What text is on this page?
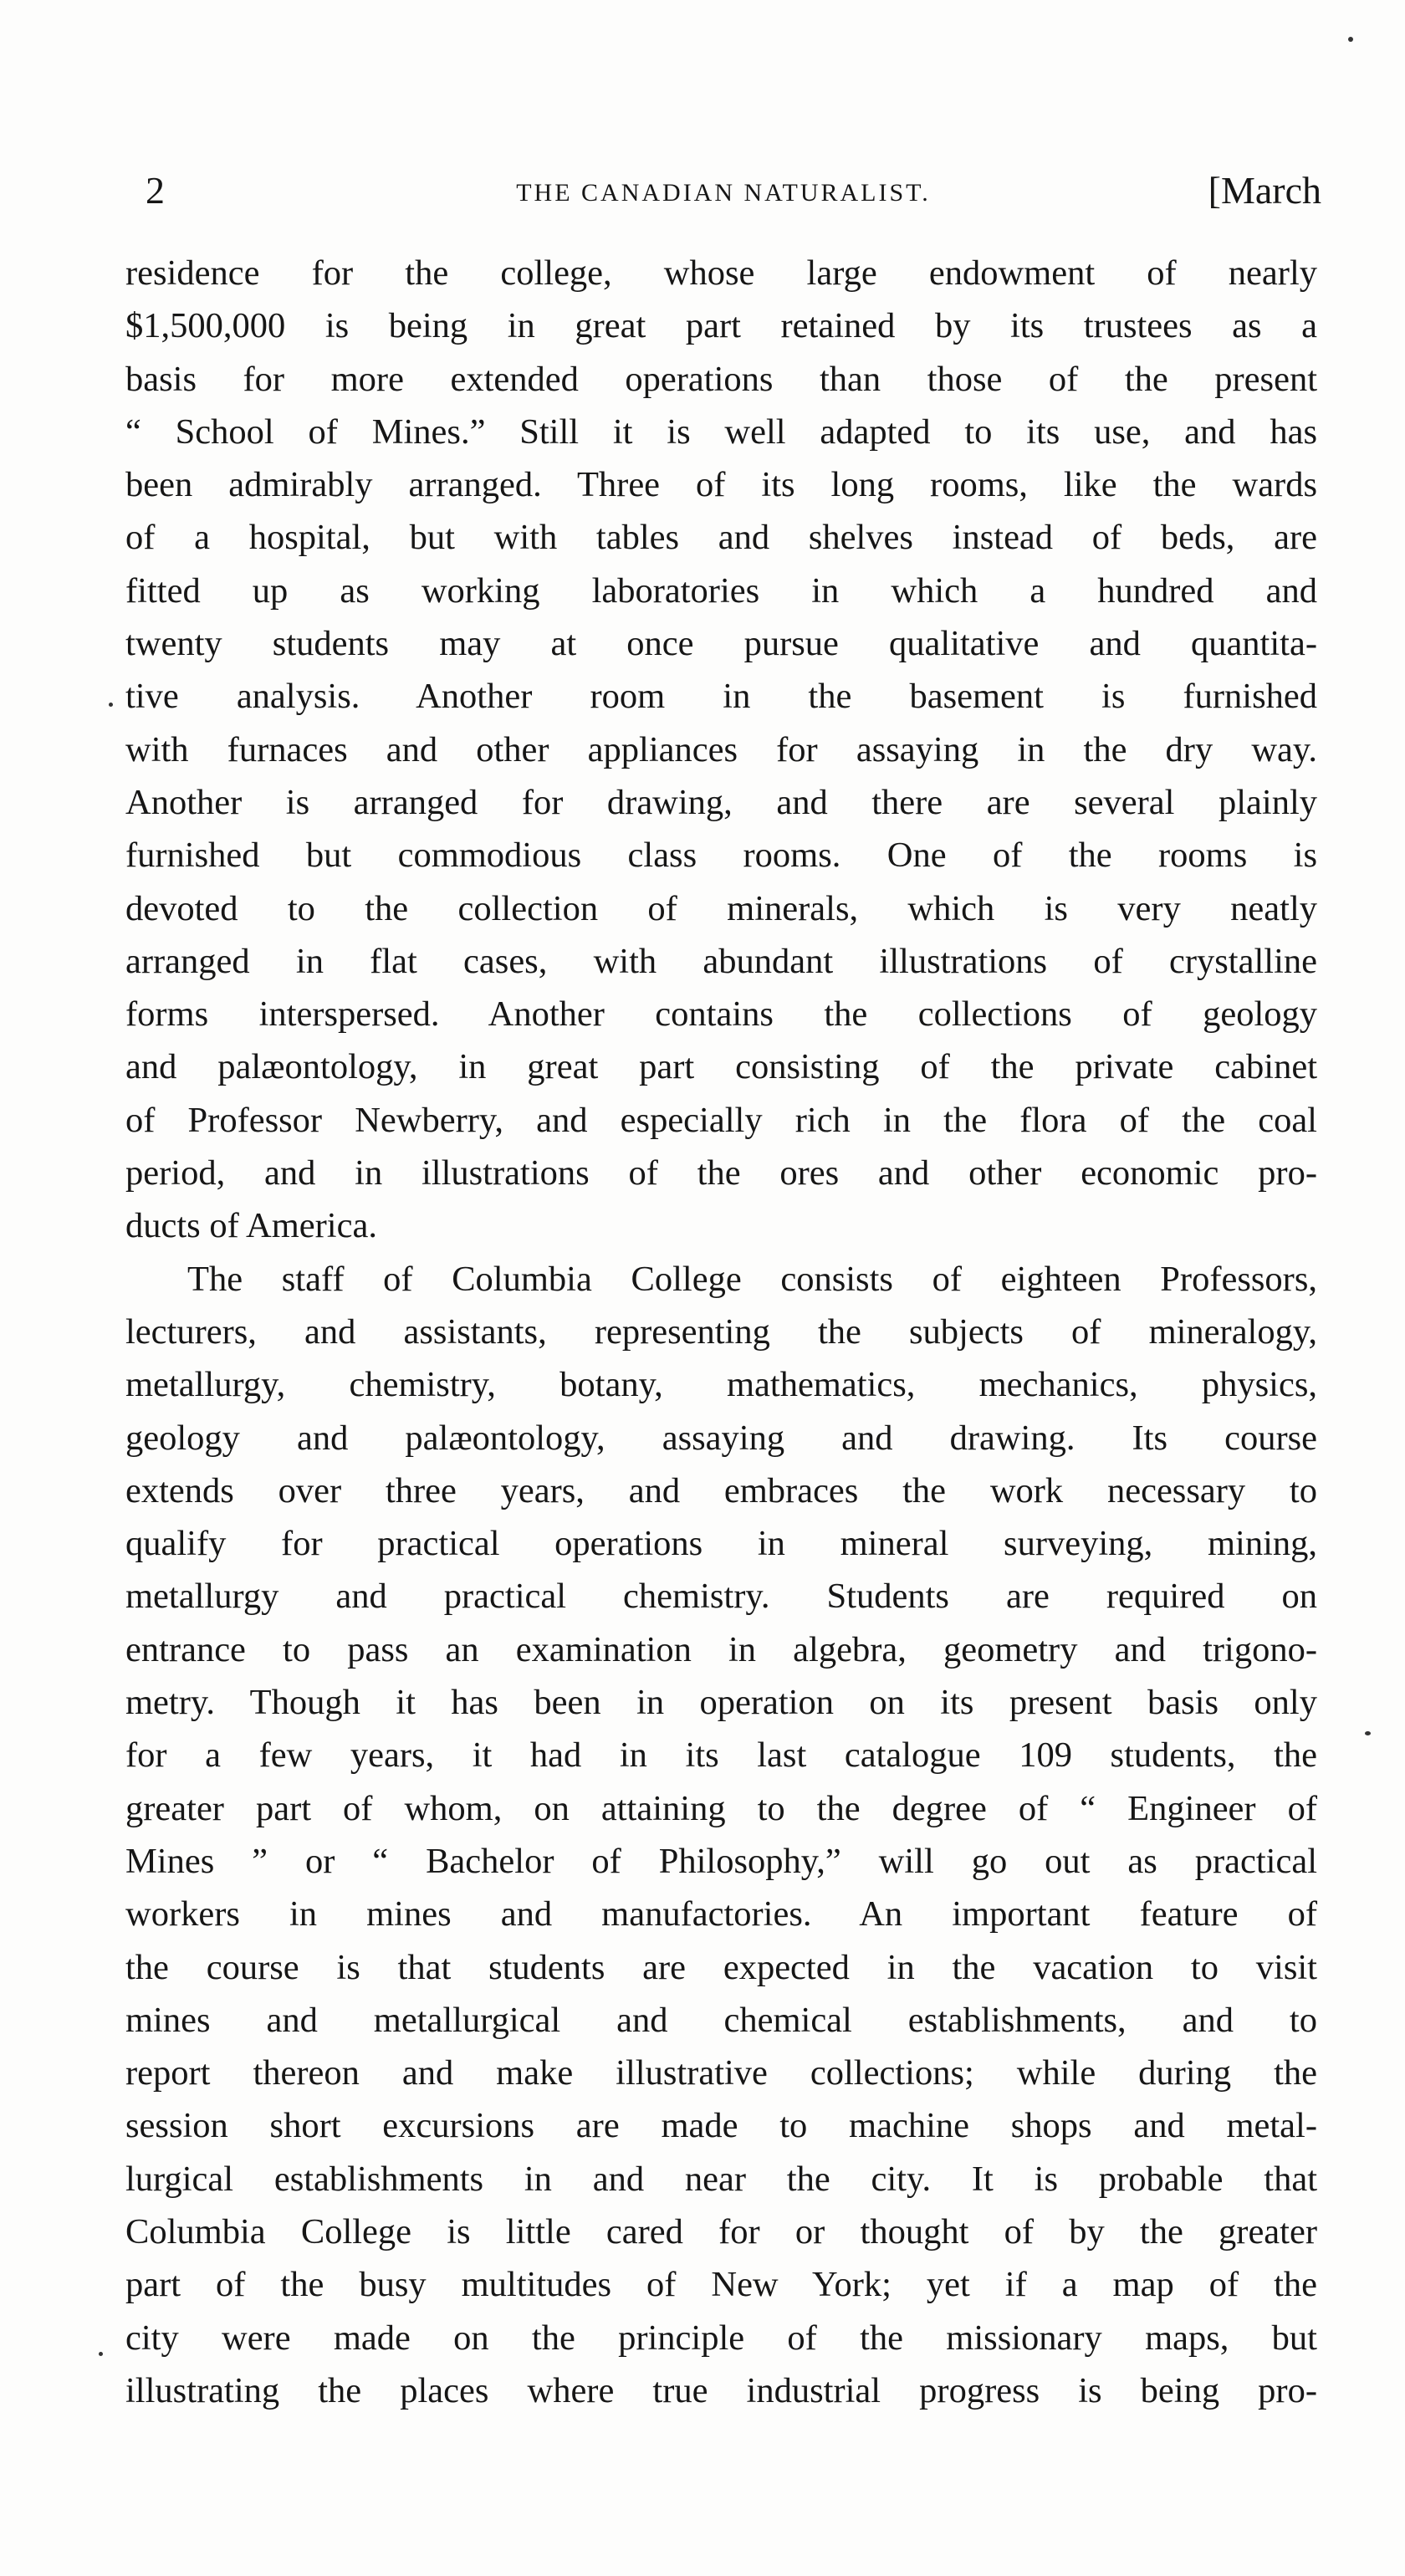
2	THE CANADIAN NATURALIST.	[March
residence for the college, whose large endowment of nearly
$1,500,000 is being in great part retained by its trustees as a
basis for more extended operations than those of the present
“ School of Mines.” Still it is well adapted to its use, and has
been admirably arranged. Three of its long rooms, like the wards
of a hospital, but with tables and shelves instead of beds, are
fitted up as working laboratories in which a hundred and
twenty students may at once pursue qualitative and quantita-
tive analysis. Another room in the basement is furnished
with furnaces and other appliances for assaying in the dry way.
Another is arranged for drawing, and there are several plainly
furnished but commodious class rooms. One of the rooms is
devoted to the collection of minerals, which is very neatly
arranged in flat cases, with abundant illustrations of crystalline
forms interspersed. Another contains the collections of geology
and palæontology, in great part consisting of the private cabinet
of Professor Newberry, and especially rich in the flora of the coal
period, and in illustrations of the ores and other economic pro-
ducts of America.
The staff of Columbia College consists of eighteen Professors,
lecturers, and assistants, representing the subjects of mineralogy,
metallurgy, chemistry, botany, mathematics, mechanics, physics,
geology and palæontology, assaying and drawing. Its course
extends over three years, and embraces the work necessary to
qualify for practical operations in mineral surveying, mining,
metallurgy and practical chemistry. Students are required on
entrance to pass an examination in algebra, geometry and trigono-
metry. Though it has been in operation on its present basis only
for a few years, it had in its last catalogue 109 students, the
greater part of whom, on attaining to the degree of “ Engineer of
Mines ” or “ Bachelor of Philosophy,” will go out as practical
workers in mines and manufactories. An important feature of
the course is that students are expected in the vacation to visit
mines and metallurgical and chemical establishments, and to
report thereon and make illustrative collections; while during the
session short excursions are made to machine shops and metal-
lurgical establishments in and near the city. It is probable that
Columbia College is little cared for or thought of by the greater
part of the busy multitudes of New York; yet if a map of the
city were made on the principle of the missionary maps, but
illustrating the places where true industrial progress is being pro-
